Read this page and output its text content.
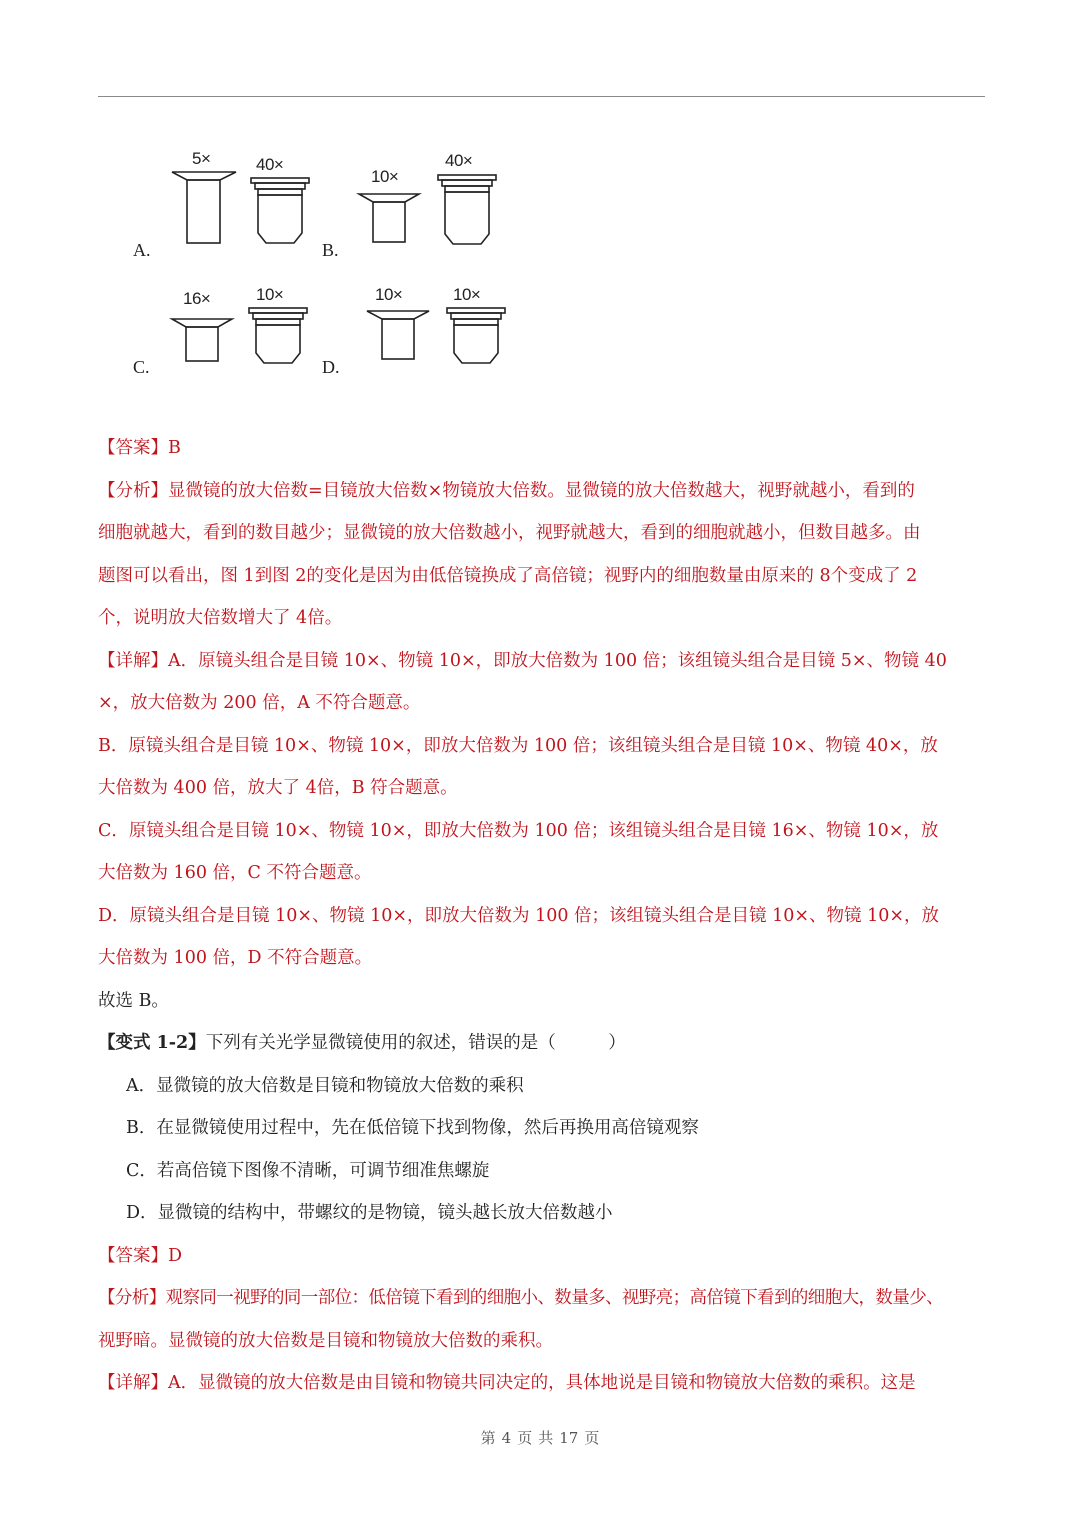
A.
5×	40×
B.
10×
40×
C.
16×	10×
D.
10×	10×
【答案】B
【分析】显微镜的放大倍数=目镜放大倍数×物镜放大倍数。显微镜的放大倍数越大，视野就越小，看到的
细胞就越大，看到的数目越少；显微镜的放大倍数越小，视野就越大，看到的细胞就越小，但数目越多。由
题图可以看出，图 1到图 2的变化是因为由低倍镜换成了高倍镜；视野内的细胞数量由原来的 8个变成了 2
个，说明放大倍数增大了 4倍。
【详解】A．原镜头组合是目镜 10×、物镜 10×，即放大倍数为 100 倍；该组镜头组合是目镜 5×、物镜 40
×，放大倍数为 200 倍，A 不符合题意。
B．原镜头组合是目镜 10×、物镜 10×，即放大倍数为 100 倍；该组镜头组合是目镜 10×、物镜 40×，放
大倍数为 400 倍，放大了 4倍，B 符合题意。
C．原镜头组合是目镜 10×、物镜 10×，即放大倍数为 100 倍；该组镜头组合是目镜 16×、物镜 10×，放
大倍数为 160 倍，C 不符合题意。
D．原镜头组合是目镜 10×、物镜 10×，即放大倍数为 100 倍；该组镜头组合是目镜 10×、物镜 10×，放
大倍数为 100 倍，D 不符合题意。
故选 B。
【变式 1-2】下列有关光学显微镜使用的叙述，错误的是（　　　）
A．显微镜的放大倍数是目镜和物镜放大倍数的乘积
B．在显微镜使用过程中，先在低倍镜下找到物像，然后再换用高倍镜观察
C．若高倍镜下图像不清晰，可调节细准焦螺旋
D．显微镜的结构中，带螺纹的是物镜，镜头越长放大倍数越小
【答案】D
【分析】观察同一视野的同一部位：低倍镜下看到的细胞小、数量多、视野亮；高倍镜下看到的细胞大，数量少、
视野暗。显微镜的放大倍数是目镜和物镜放大倍数的乘积。
【详解】A．显微镜的放大倍数是由目镜和物镜共同决定的，具体地说是目镜和物镜放大倍数的乘积。这是
第 4 页 共 17 页
